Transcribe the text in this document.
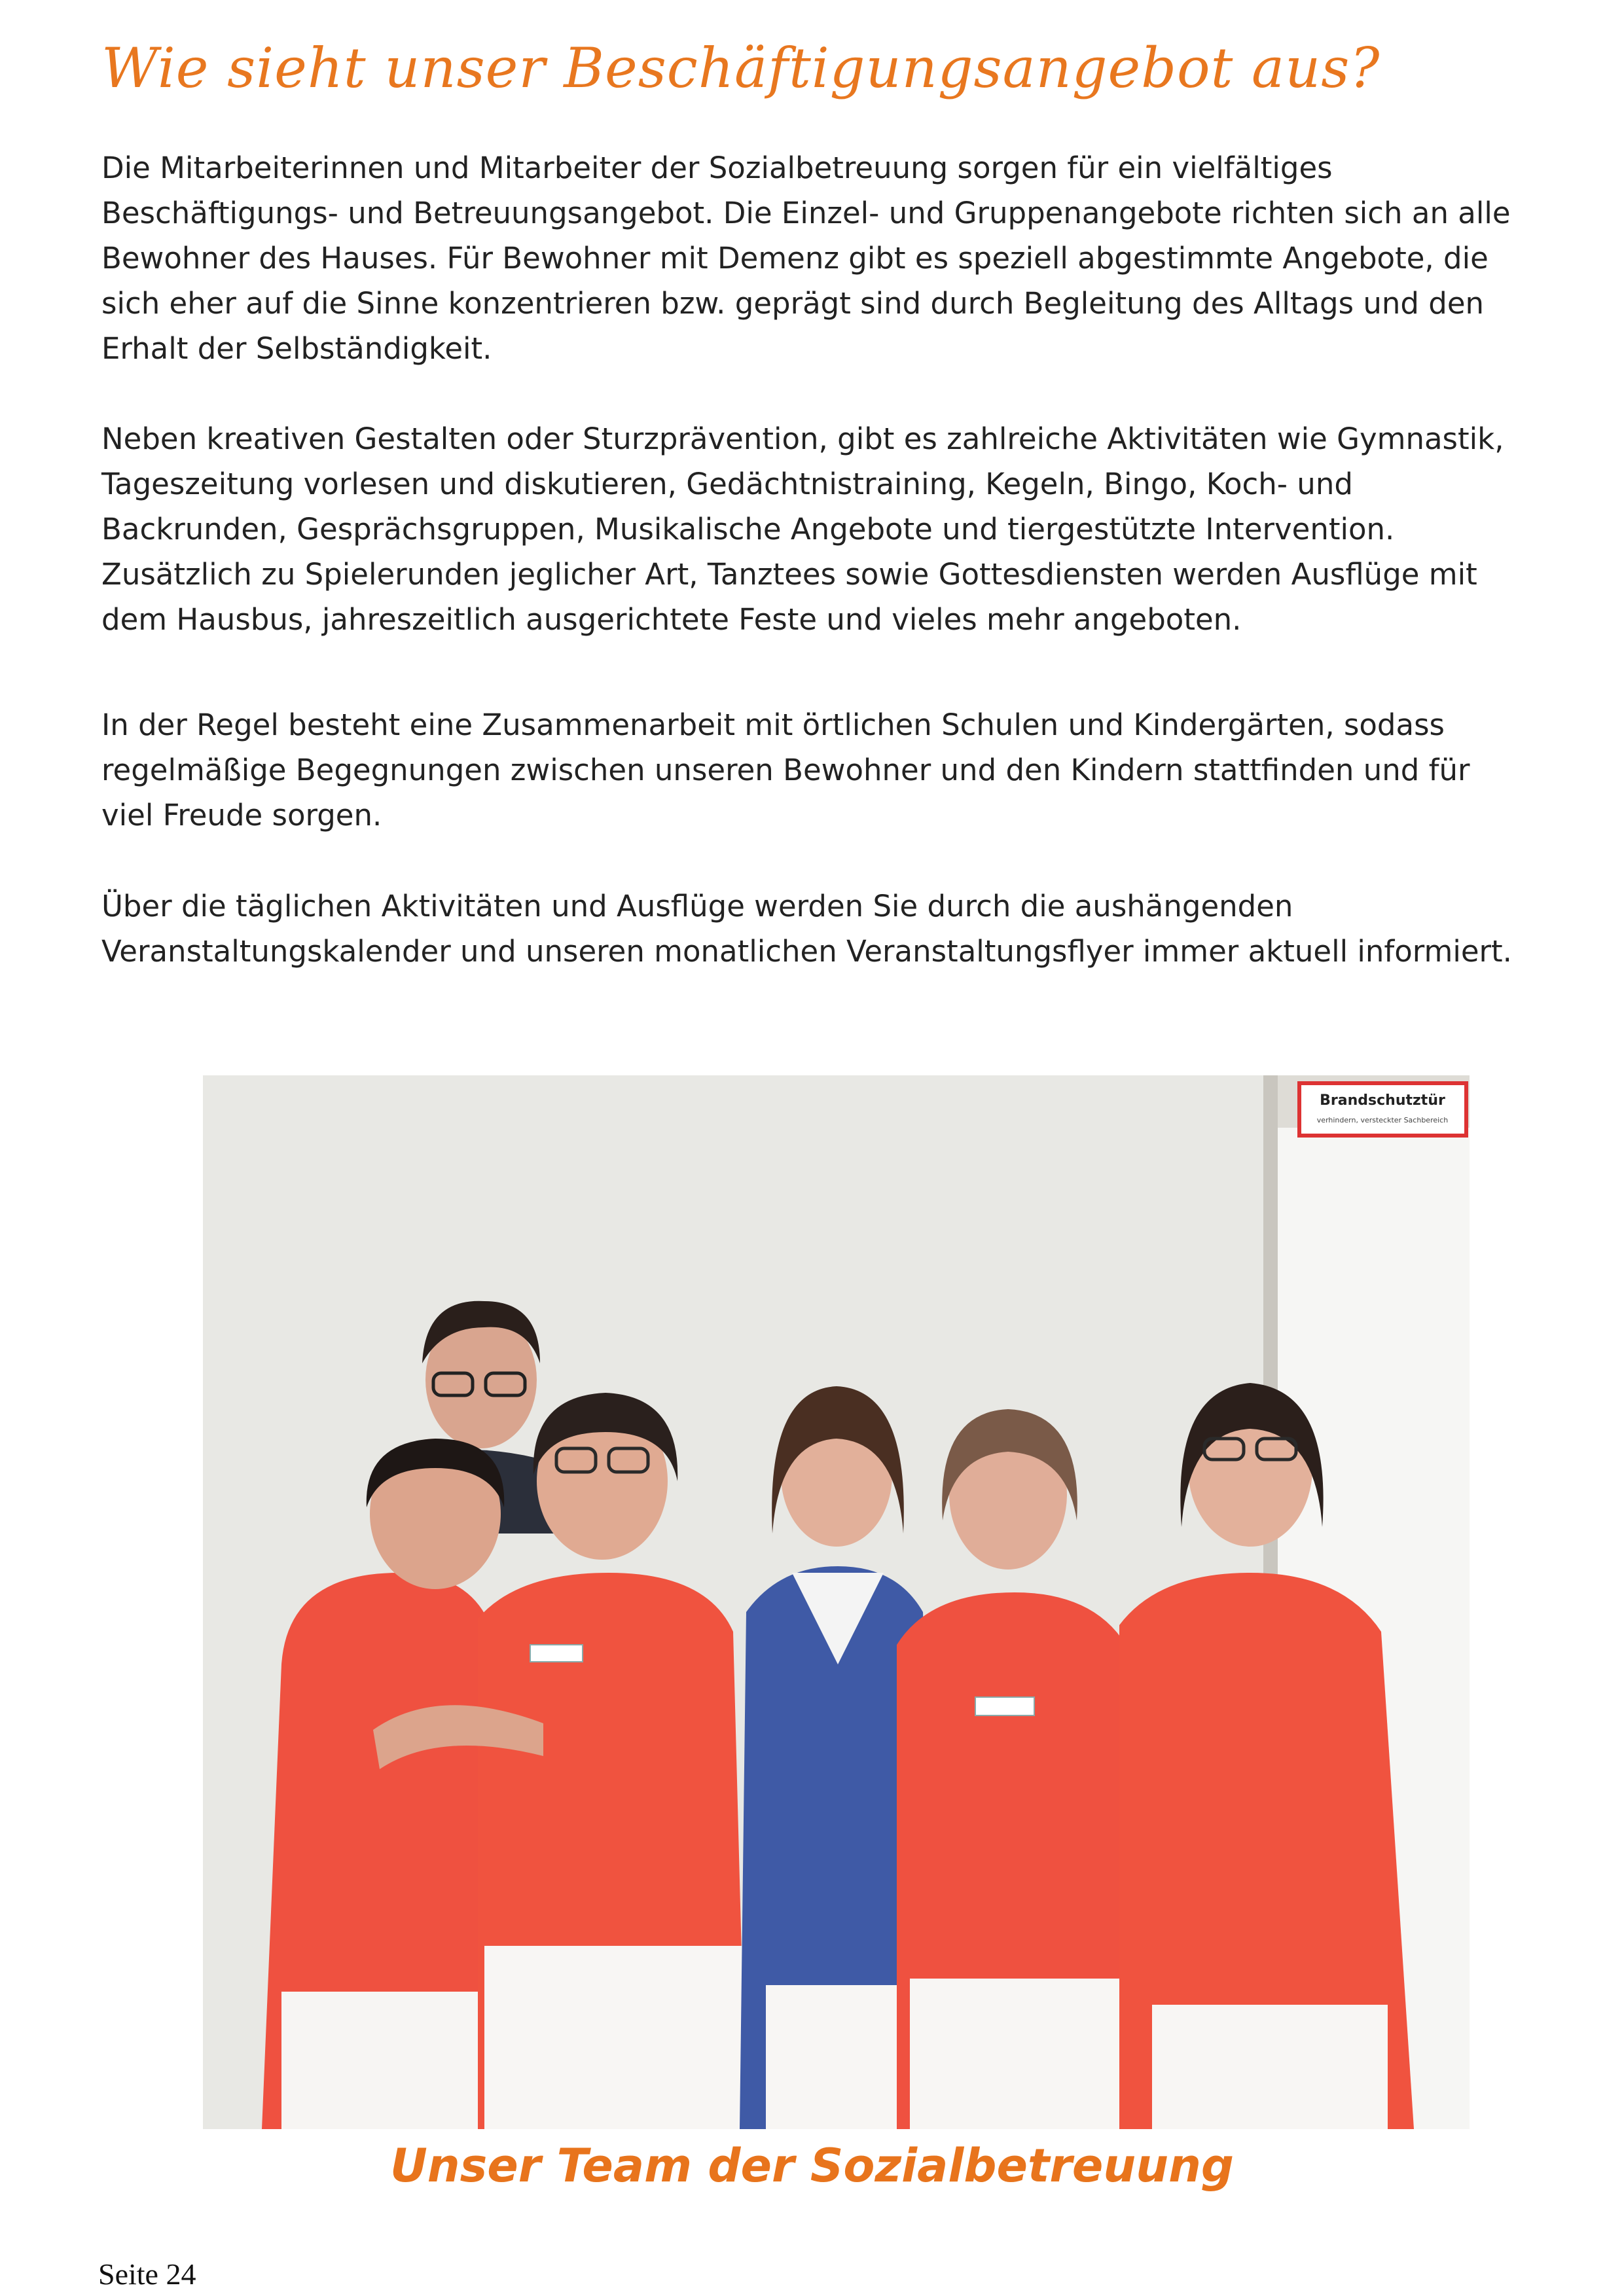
Wie sieht unser Beschäftigungsangebot aus?

Die Mitarbeiterinnen und Mitarbeiter der Sozialbetreuung sorgen für ein vielfältiges
Beschäftigungs- und Betreuungsangebot. Die Einzel- und Gruppenangebote richten sich an alle
Bewohner des Hauses. Für Bewohner mit Demenz gibt es speziell abgestimmte Angebote, die
sich eher auf die Sinne konzentrieren bzw. geprägt sind durch Begleitung des Alltags und den
Erhalt der Selbständigkeit.

Neben kreativen Gestalten oder Sturzprävention, gibt es zahlreiche Aktivitäten wie Gymnastik,
Tageszeitung vorlesen und diskutieren, Gedächtnistraining, Kegeln, Bingo, Koch- und
Backrunden, Gesprächsgruppen, Musikalische Angebote und tiergestützte Intervention.
Zusätzlich zu Spielerunden jeglicher Art, Tanztees sowie Gottesdiensten werden Ausflüge mit
dem Hausbus, jahreszeitlich ausgerichtete Feste und vieles mehr angeboten.

In der Regel besteht eine Zusammenarbeit mit örtlichen Schulen und Kindergärten, sodass
regelmäßige Begegnungen zwischen unseren Bewohner und den Kindern stattfinden und für
viel Freude sorgen.

Über die täglichen Aktivitäten und Ausflüge werden Sie durch die aushängenden
Veranstaltungskalender und unseren monatlichen Veranstaltungsflyer immer aktuell informiert.

Brandschutztür
verhindern, versteckter Sachbereich

Unser Team der Sozialbetreuung

Seite 24
